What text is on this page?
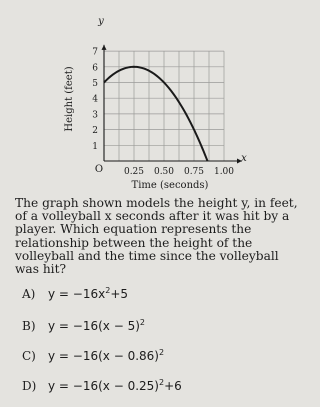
1
2
3
4
5
6
7
0.25 0.50 0.75 1.00
Height (feet)
Time (seconds)
y
x
O

The graph shown models the height y, in feet, of a volleyball x seconds after it was hit by a player. Which equation represents the relationship between the height of the volleyball and the time since the volleyball was hit?

A)	$y = -16x^2+5$
B)	$y = -16(x - 5)^2$
C)	$y = -16(x - 0.86)^2$
D) $y = -16(x - 0.25)^2+6$
